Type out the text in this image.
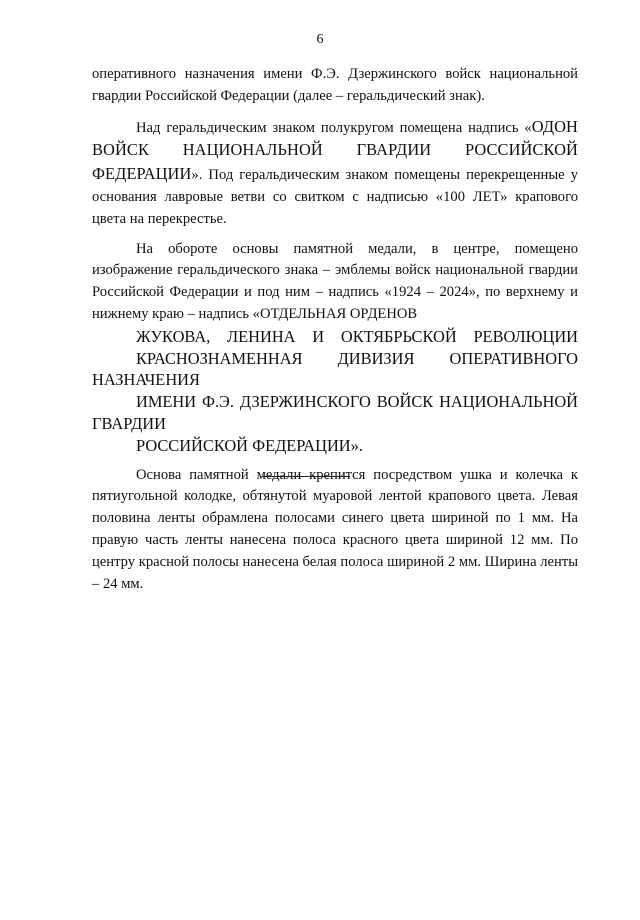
6

оперативного назначения имени Ф.Э. Дзержинского войск национальной гвардии Российской Федерации (далее – геральдический знак).

Над геральдическим знаком полукругом помещена надпись «ОДОН ВОЙСК НАЦИОНАЛЬНОЙ ГВАРДИИ РОССИЙСКОЙ ФЕДЕРАЦИИ». Под геральдическим знаком помещены перекрещенные у основания лавровые ветви со свитком с надписью «100 ЛЕТ» крапового цвета на перекрестье.

На обороте основы памятной медали, в центре, помещено изображение геральдического знака – эмблемы войск национальной гвардии Российской Федерации и под ним – надпись «1924 – 2024», по верхнему и нижнему краю – надпись «ОТДЕЛЬНАЯ ОРДЕНОВ
ЖУКОВА, ЛЕНИНА И ОКТЯБРЬСКОЙ РЕВОЛЮЦИИ
КРАСНОЗНАМЕННАЯ ДИВИЗИЯ ОПЕРАТИВНОГО НАЗНАЧЕНИЯ
ИМЕНИ Ф.Э. ДЗЕРЖИНСКОГО ВОЙСК НАЦИОНАЛЬНОЙ ГВАРДИИ
РОССИЙСКОЙ ФЕДЕРАЦИИ».

Основа памятной медали крепится посредством ушка и колечка к пятиугольной колодке, обтянутой муаровой лентой крапового цвета. Левая половина ленты обрамлена полосами синего цвета шириной по 1 мм. На правую часть ленты нанесена полоса красного цвета шириной 12 мм. По центру красной полосы нанесена белая полоса шириной 2 мм. Ширина ленты – 24 мм.
